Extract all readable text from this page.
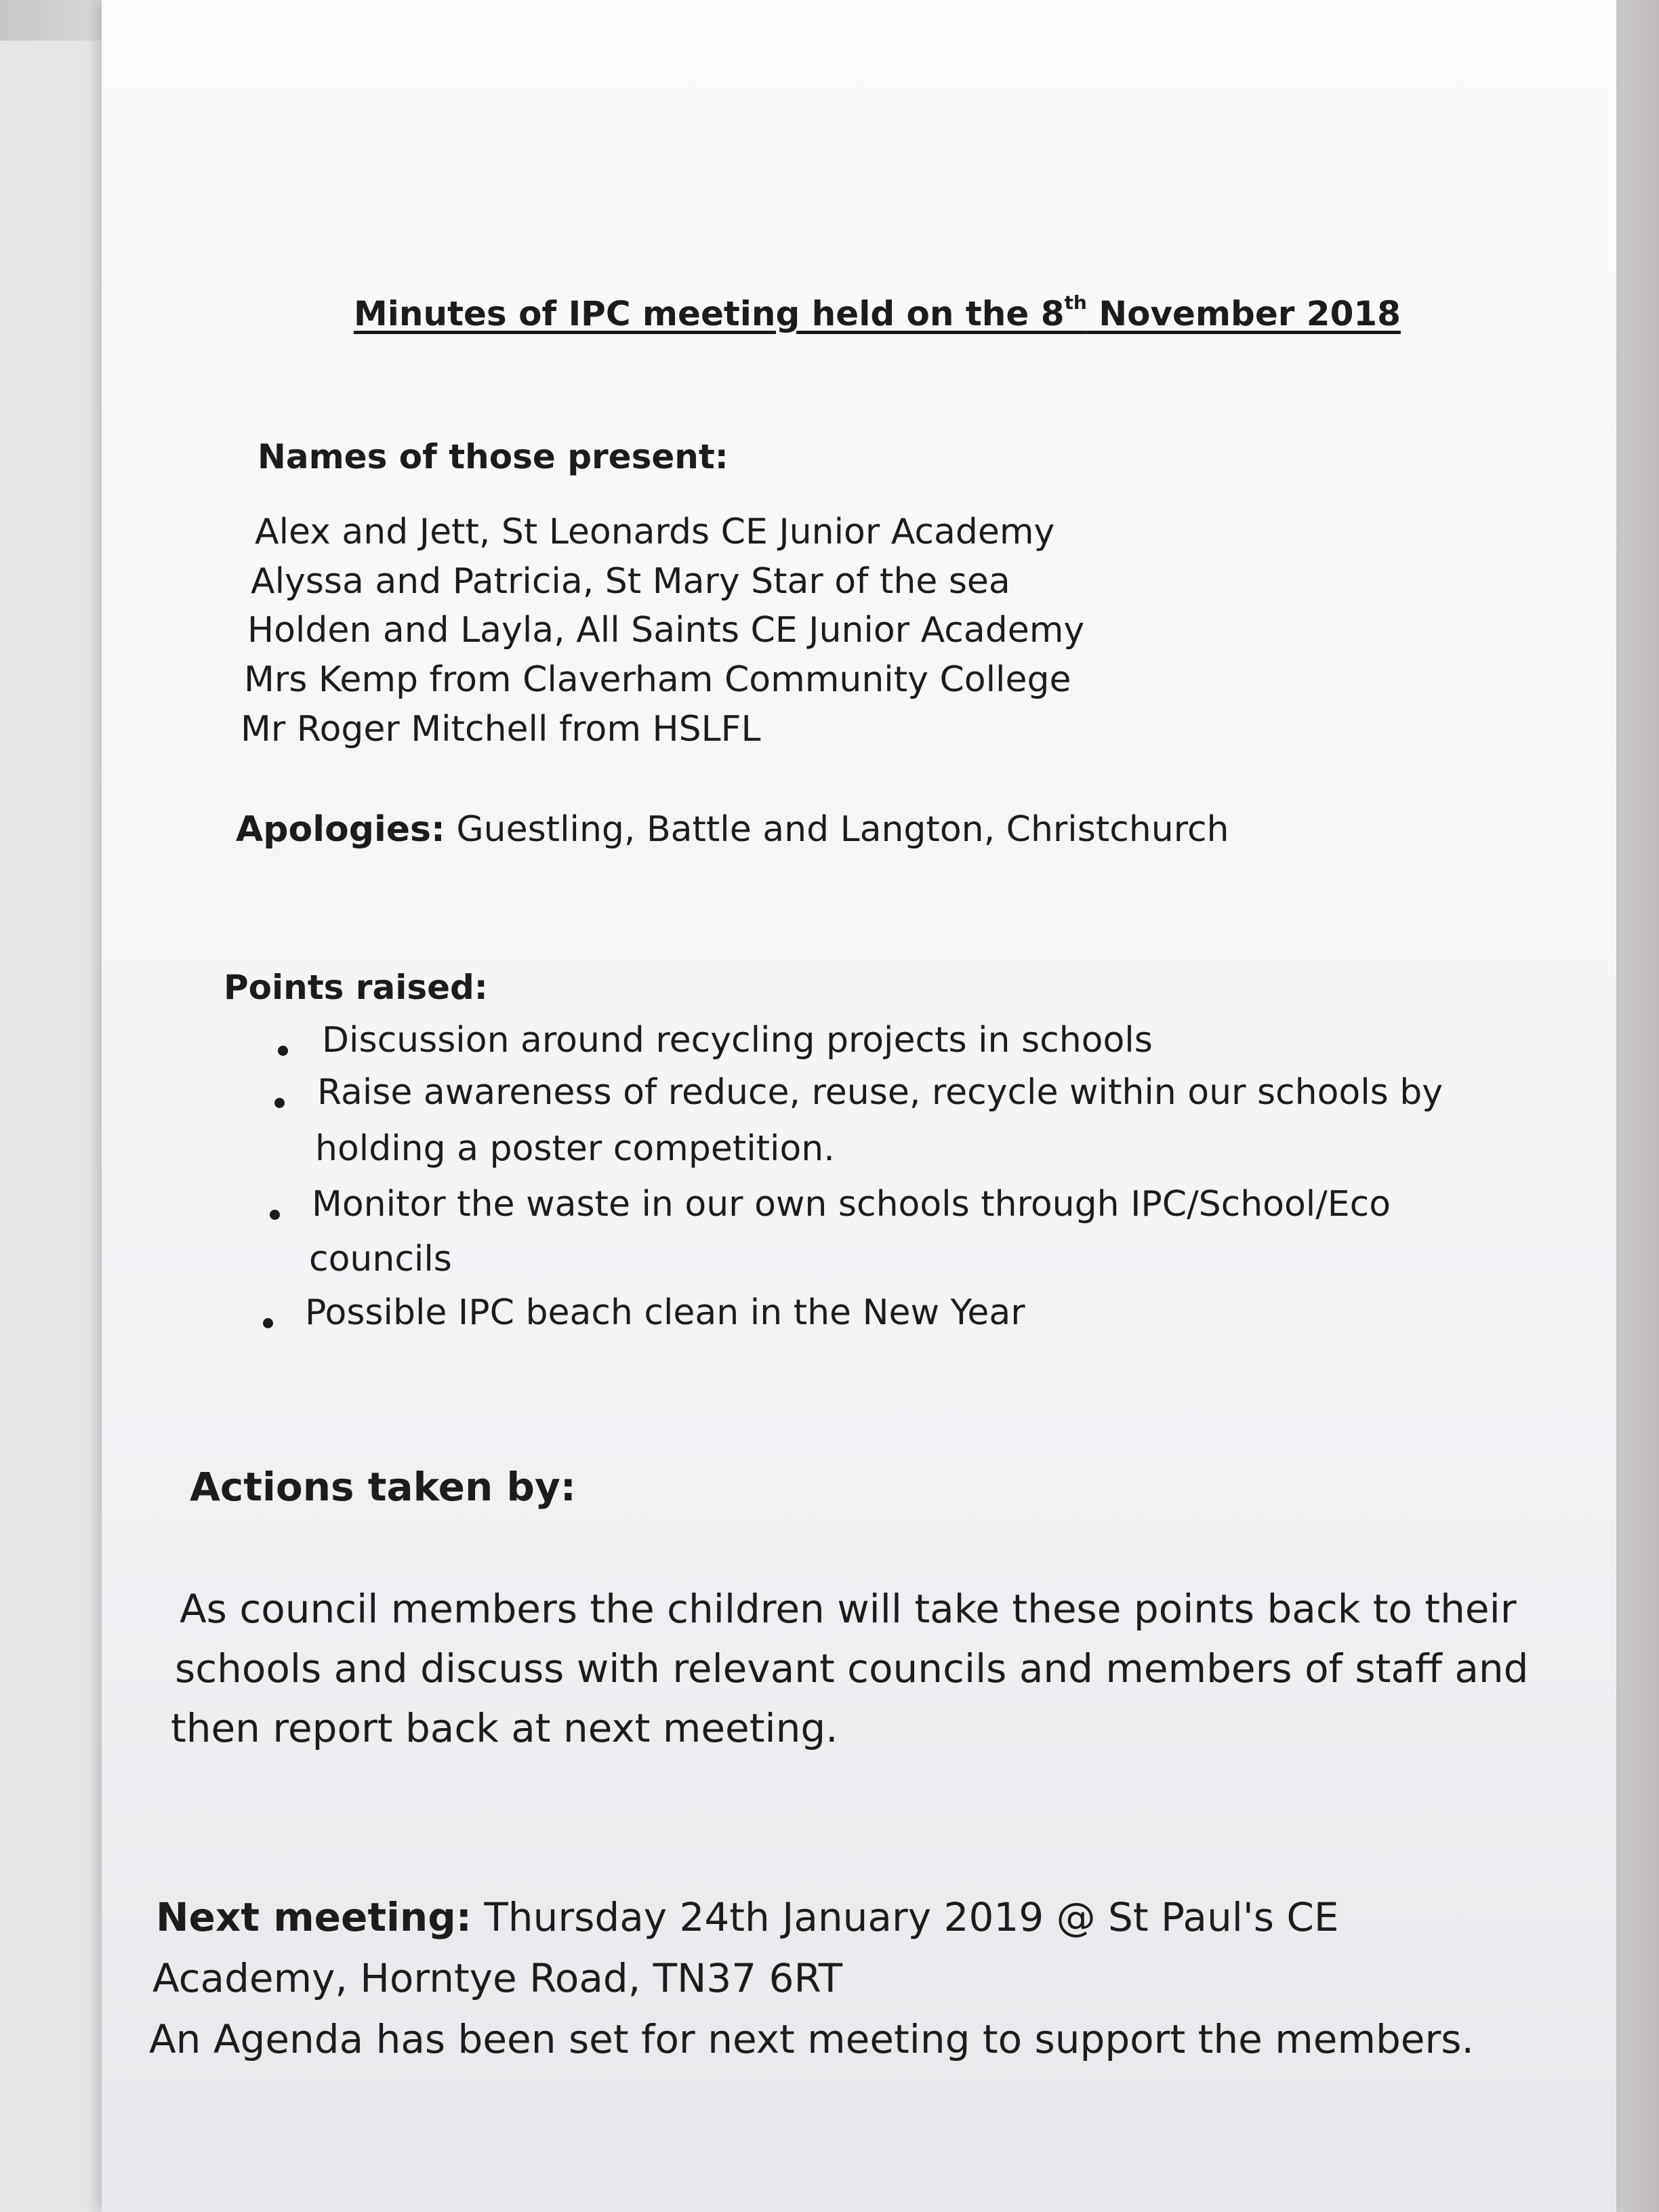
Minutes of IPC meeting held on the 8th November 2018
Names of those present:
Alex and Jett, St Leonards CE Junior Academy
Alyssa and Patricia, St Mary Star of the sea
Holden and Layla, All Saints CE Junior Academy
Mrs Kemp from Claverham Community College
Mr Roger Mitchell from HSLFL
Apologies: Guestling, Battle and Langton, Christchurch
Points raised:
Discussion around recycling projects in schools
Raise awareness of reduce, reuse, recycle within our schools by
holding a poster competition.
Monitor the waste in our own schools through IPC/School/Eco
councils
Possible IPC beach clean in the New Year
Actions taken by:
As council members the children will take these points back to their
schools and discuss with relevant councils and members of staff and
then report back at next meeting.
Next meeting: Thursday 24th January 2019 @ St Paul's CE
Academy, Horntye Road, TN37 6RT
An Agenda has been set for next meeting to support the members.
